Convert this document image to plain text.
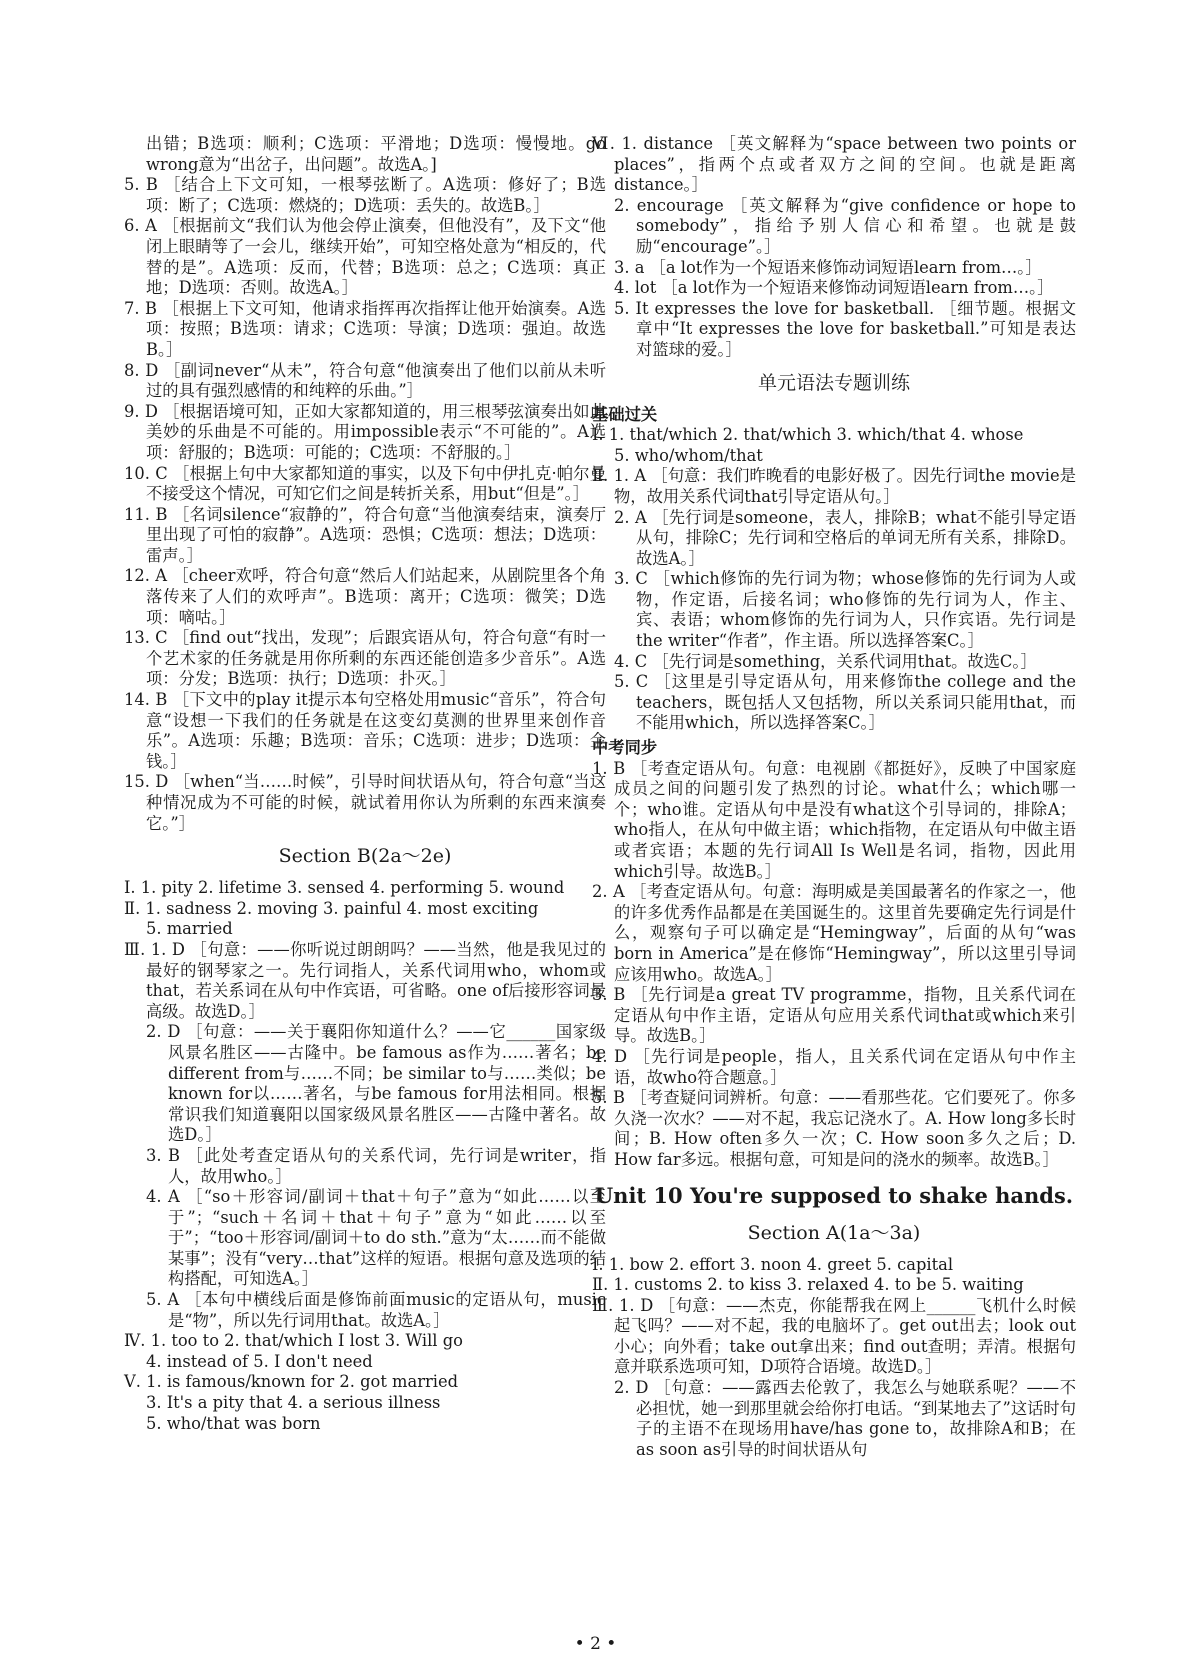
出错；B选项：顺利；C选项：平滑地；D选项：慢慢地。go wrong意为“出岔子，出问题”。故选A。]

5. B ［结合上下文可知，一根琴弦断了。A选项：修好了；B选项：断了；C选项：燃烧的；D选项：丢失的。故选B。］

6. A ［根据前文“我们认为他会停止演奏，但他没有”，及下文“他闭上眼睛等了一会儿，继续开始”，可知空格处意为“相反的，代替的是”。A选项：反而，代替；B选项：总之；C选项：真正地；D选项：否则。故选A。］

7. B ［根据上下文可知，他请求指挥再次指挥让他开始演奏。A选项：按照；B选项：请求；C选项：导演；D选项：强迫。故选B。］

8. D ［副词never“从未”，符合句意“他演奏出了他们以前从未听过的具有强烈感情的和纯粹的乐曲。”］

9. D ［根据语境可知，正如大家都知道的，用三根琴弦演奏出如此美妙的乐曲是不可能的。用impossible表示“不可能的”。A选项：舒服的；B选项：可能的；C选项：不舒服的。］

10. C ［根据上句中大家都知道的事实，以及下句中伊扎克·帕尔曼不接受这个情况，可知它们之间是转折关系，用but“但是”。］

11. B ［名词silence“寂静的”，符合句意“当他演奏结束，演奏厅里出现了可怕的寂静”。A选项：恐惧；C选项：想法；D选项：雷声。］

12. A ［cheer欢呼，符合句意“然后人们站起来，从剧院里各个角落传来了人们的欢呼声”。B选项：离开；C选项：微笑；D选项：嘀咕。］

13. C ［find out“找出，发现”；后跟宾语从句，符合句意“有时一个艺术家的任务就是用你所剩的东西还能创造多少音乐”。A选项：分发；B选项：执行；D选项：扑灭。］

14. B ［下文中的play it提示本句空格处用music“音乐”，符合句意“设想一下我们的任务就是在这变幻莫测的世界里来创作音乐”。A选项：乐趣；B选项：音乐；C选项：进步；D选项：金钱。］

15. D ［when“当……时候”，引导时间状语从句，符合句意“当这种情况成为不可能的时候，就试着用你认为所剩的东西来演奏它。”］

Section B(2a～2e)

Ⅰ. 1. pity 2. lifetime 3. sensed 4. performing 5. wound

Ⅱ. 1. sadness 2. moving 3. painful 4. most exciting

5. married

Ⅲ. 1. D ［句意：——你听说过朗朗吗？——当然，他是我见过的最好的钢琴家之一。先行词指人，关系代词用who，whom或that，若关系词在从句中作宾语，可省略。one of后接形容词最高级。故选D。］

2. D ［句意：——关于襄阳你知道什么？——它______国家级风景名胜区——古隆中。be famous as作为……著名；be different from与……不同；be similar to与……类似；be known for以……著名，与be famous for用法相同。根据常识我们知道襄阳以国家级风景名胜区——古隆中著名。故选D。］

3. B ［此处考查定语从句的关系代词，先行词是writer，指人，故用who。］

4. A ［“so＋形容词/副词＋that＋句子”意为“如此……以至于”；“such＋名词＋that＋句子”意为“如此……以至于”；“too＋形容词/副词＋to do sth.”意为“太……而不能做某事”；没有“very…that”这样的短语。根据句意及选项的结构搭配，可知选A。］

5. A ［本句中横线后面是修饰前面music的定语从句，music是“物”，所以先行词用that。故选A。］

Ⅳ. 1. too to 2. that/which I lost 3. Will go

4. instead of 5. I don't need

Ⅴ. 1. is famous/known for 2. got married

3. It's a pity that 4. a serious illness

5. who/that was born

Ⅵ. 1. distance ［英文解释为“space between two points or places”，指两个点或者双方之间的空间。也就是距离distance。］

2. encourage ［英文解释为“give confidence or hope to somebody”，指给予别人信心和希望。也就是鼓励“encourage”。］

3. a ［a lot作为一个短语来修饰动词短语learn from…。］

4. lot ［a lot作为一个短语来修饰动词短语learn from…。］

5. It expresses the love for basketball. ［细节题。根据文章中“It expresses the love for basketball.”可知是表达对篮球的爱。］

单元语法专题训练

基础过关

Ⅰ. 1. that/which 2. that/which 3. which/that 4. whose

5. who/whom/that

Ⅱ. 1. A ［句意：我们昨晚看的电影好极了。因先行词the movie是物，故用关系代词that引导定语从句。］

2. A ［先行词是someone，表人，排除B；what不能引导定语从句，排除C；先行词和空格后的单词无所有关系，排除D。故选A。］

3. C ［which修饰的先行词为物；whose修饰的先行词为人或物，作定语，后接名词；who修饰的先行词为人，作主、宾、表语；whom修饰的先行词为人，只作宾语。先行词是the writer“作者”，作主语。所以选择答案C。］

4. C ［先行词是something，关系代词用that。故选C。］

5. C ［这里是引导定语从句，用来修饰the college and the teachers，既包括人又包括物，所以关系词只能用that，而不能用which，所以选择答案C。］

中考同步

1. B ［考查定语从句。句意：电视剧《都挺好》，反映了中国家庭成员之间的问题引发了热烈的讨论。what什么；which哪一个；who谁。定语从句中是没有what这个引导词的，排除A；who指人，在从句中做主语；which指物，在定语从句中做主语或者宾语；本题的先行词All Is Well是名词，指物，因此用which引导。故选B。］

2. A ［考查定语从句。句意：海明威是美国最著名的作家之一，他的许多优秀作品都是在美国诞生的。这里首先要确定先行词是什么，观察句子可以确定是“Hemingway”，后面的从句“was born in America”是在修饰“Hemingway”，所以这里引导词应该用who。故选A。］

3. B ［先行词是a great TV programme，指物，且关系代词在定语从句中作主语，定语从句应用关系代词that或which来引导。故选B。］

4. D ［先行词是people，指人，且关系代词在定语从句中作主语，故who符合题意。］

5. B ［考查疑问词辨析。句意：——看那些花。它们要死了。你多久浇一次水？——对不起，我忘记浇水了。A. How long多长时间；B. How often多久一次；C. How soon多久之后；D. How far多远。根据句意，可知是问的浇水的频率。故选B。］

Unit 10 You're supposed to shake hands.

Section A(1a～3a)

Ⅰ. 1. bow 2. effort 3. noon 4. greet 5. capital

Ⅱ. 1. customs 2. to kiss 3. relaxed 4. to be 5. waiting

Ⅲ. 1. D ［句意：——杰克，你能帮我在网上______飞机什么时候起飞吗？——对不起，我的电脑坏了。get out出去；look out小心；向外看；take out拿出来；find out查明；弄清。根据句意并联系选项可知，D项符合语境。故选D。］

2. D ［句意：——露西去伦敦了，我怎么与她联系呢？——不必担忧，她一到那里就会给你打电话。“到某地去了”这话时句子的主语不在现场用have/has gone to，故排除A和B；在as soon as引导的时间状语从句

• 2 •
